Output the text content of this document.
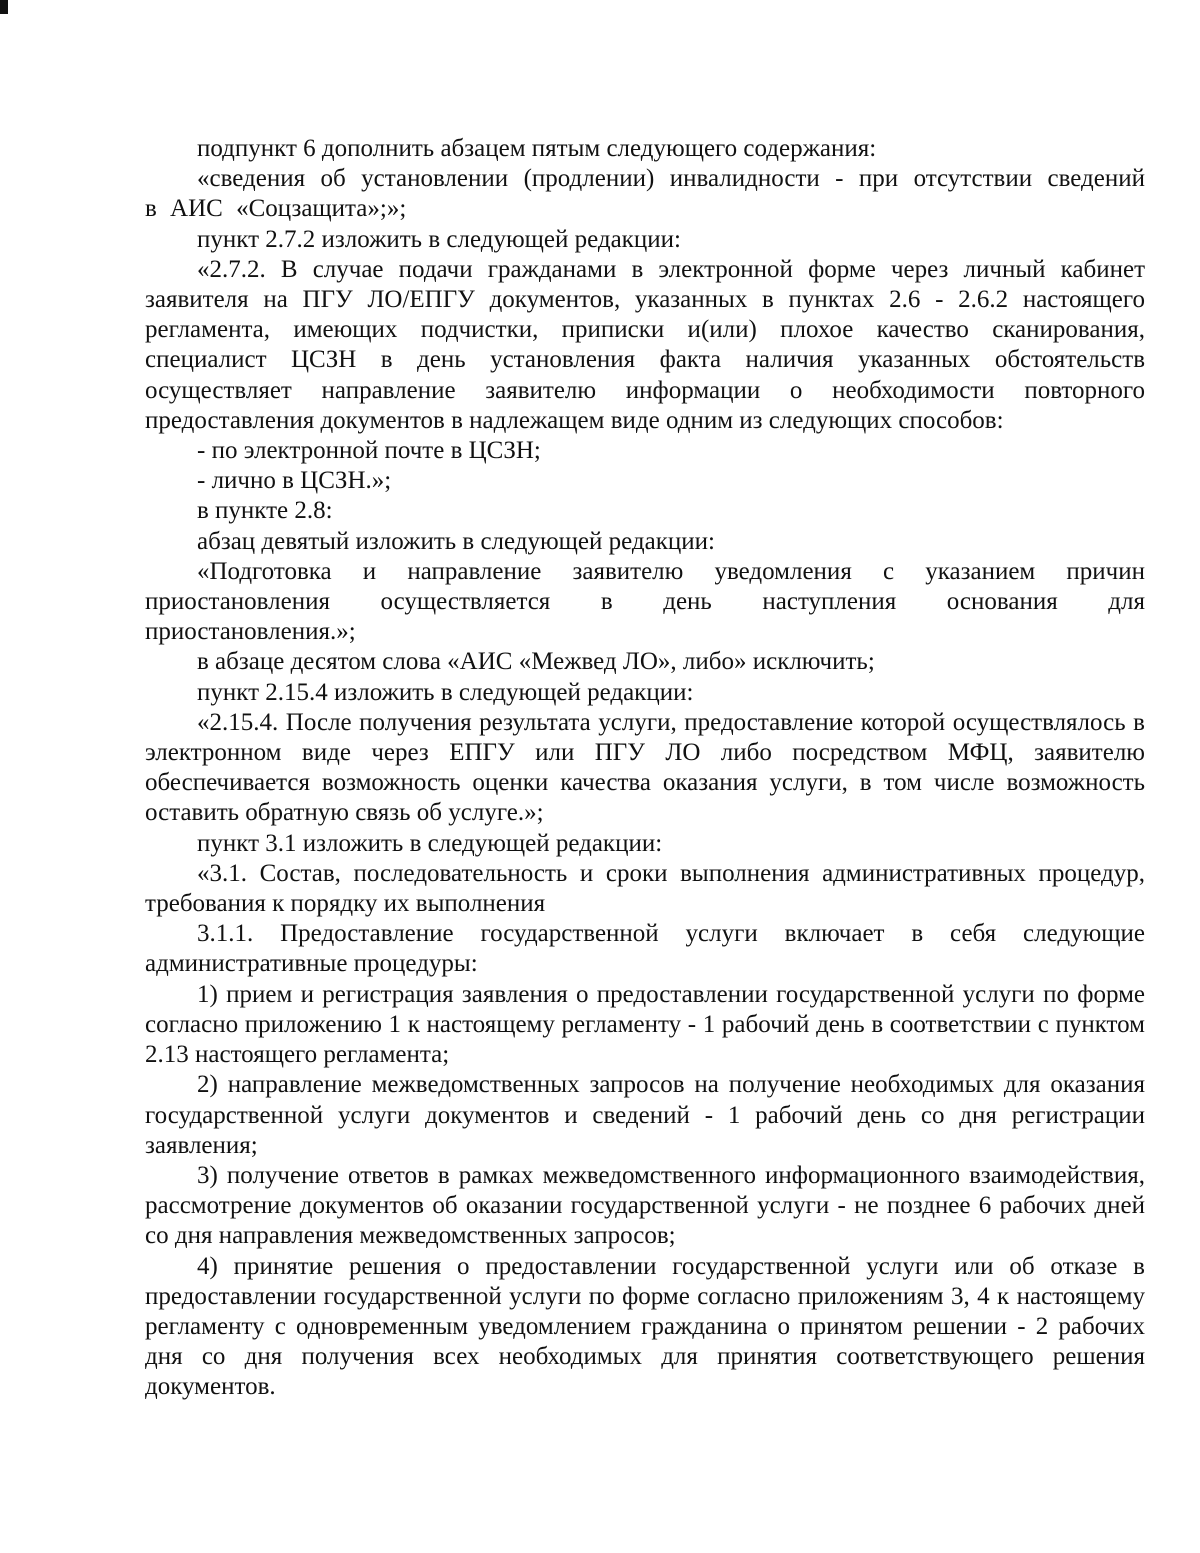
подпункт 6 дополнить абзацем пятым следующего содержания:

«сведения об установлении (продлении) инвалидности - при отсутствии сведений в АИС «Соцзащита»;»;

пункт 2.7.2 изложить в следующей редакции:

«2.7.2. В случае подачи гражданами в электронной форме через личный кабинет заявителя на ПГУ ЛО/ЕПГУ документов, указанных в пунктах 2.6 - 2.6.2 настоящего регламента, имеющих подчистки, приписки и(или) плохое качество сканирования, специалист ЦСЗН в день установления факта наличия указанных обстоятельств осуществляет направление заявителю информации о необходимости повторного предоставления документов в надлежащем виде одним из следующих способов:

- по электронной почте в ЦСЗН;

- лично в ЦСЗН.»;

в пункте 2.8:

абзац девятый изложить в следующей редакции:

«Подготовка и направление заявителю уведомления с указанием причин приостановления осуществляется в день наступления основания для приостановления.»;

в абзаце десятом слова «АИС «Межвед ЛО», либо» исключить;

пункт 2.15.4 изложить в следующей редакции:

«2.15.4. После получения результата услуги, предоставление которой осуществлялось в электронном виде через ЕПГУ или ПГУ ЛО либо посредством МФЦ, заявителю обеспечивается возможность оценки качества оказания услуги, в том числе возможность оставить обратную связь об услуге.»;

пункт 3.1 изложить в следующей редакции:

«3.1. Состав, последовательность и сроки выполнения административных процедур, требования к порядку их выполнения

3.1.1. Предоставление государственной услуги включает в себя следующие административные процедуры:

1) прием и регистрация заявления о предоставлении государственной услуги по форме согласно приложению 1 к настоящему регламенту - 1 рабочий день в соответствии с пунктом 2.13 настоящего регламента;

2) направление межведомственных запросов на получение необходимых для оказания государственной услуги документов и сведений - 1 рабочий день со дня регистрации заявления;

3) получение ответов в рамках межведомственного информационного взаимодействия, рассмотрение документов об оказании государственной услуги - не позднее 6 рабочих дней со дня направления межведомственных запросов;

4) принятие решения о предоставлении государственной услуги или об отказе в предоставлении государственной услуги по форме согласно приложениям 3, 4 к настоящему регламенту с одновременным уведомлением гражданина о принятом решении - 2 рабочих дня со дня получения всех необходимых для принятия соответствующего решения документов.
